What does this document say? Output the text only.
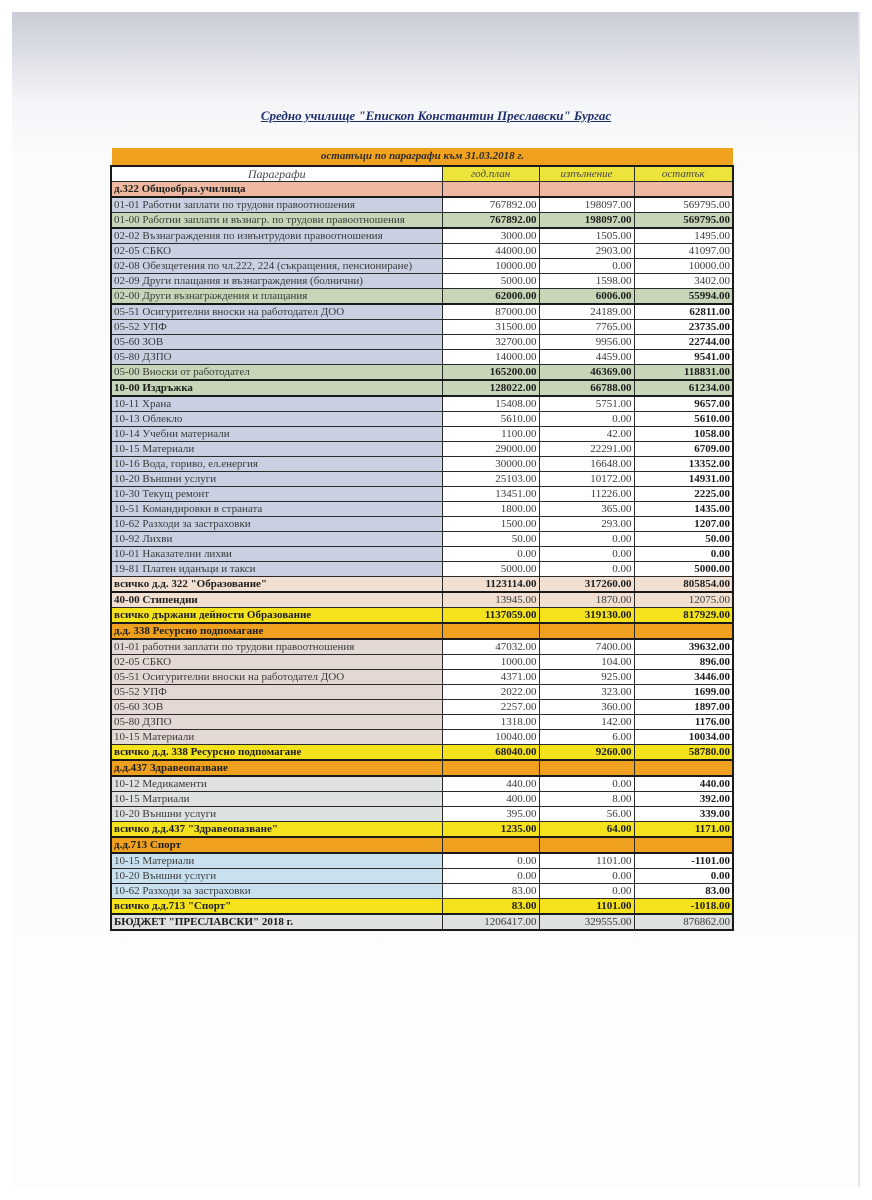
Средно училище "Епископ Константин Преславски" Бургас
остатъци по параграфи към 31.03.2018 г.
Параграфи	год.план	изпълнение	остатък
д.322 Общообраз.училища			
01-01 Работни заплати по трудови правоотношения	767892.00	198097.00	569795.00
01-00 Работни заплати и възнагр. по трудови правоотношения	767892.00	198097.00	569795.00
02-02 Възнаграждения по извънтрудови правоотношения	3000.00	1505.00	1495.00
02-05 СБКО	44000.00	2903.00	41097.00
02-08 Обезщетения по чл.222, 224 (съкращения, пенсиониране)	10000.00	0.00	10000.00
02-09 Други плащания и възнаграждения (болнични)	5000.00	1598.00	3402.00
02-00 Други възнаграждения и плащания	62000.00	6006.00	55994.00
05-51 Осигурителни вноски на работодател ДОО	87000.00	24189.00	62811.00
05-52 УПФ	31500.00	7765.00	23735.00
05-60 ЗОВ	32700.00	9956.00	22744.00
05-80 ДЗПО	14000.00	4459.00	9541.00
05-00 Вноски от работодател	165200.00	46369.00	118831.00
10-00 Издръжка	128022.00	66788.00	61234.00
10-11 Храна	15408.00	5751.00	9657.00
10-13 Облекло	5610.00	0.00	5610.00
10-14 Учебни материали	1100.00	42.00	1058.00
10-15 Материали	29000.00	22291.00	6709.00
10-16 Вода, гориво, ел.енергия	30000.00	16648.00	13352.00
10-20 Външни услуги	25103.00	10172.00	14931.00
10-30 Текущ ремонт	13451.00	11226.00	2225.00
10-51 Командировки в страната	1800.00	365.00	1435.00
10-62 Разходи за застраховки	1500.00	293.00	1207.00
10-92 Лихви	50.00	0.00	50.00
10-01 Наказателни лихви	0.00	0.00	0.00
19-81 Платен иданъци и такси	5000.00	0.00	5000.00
всичко д.д. 322 "Образование"	1123114.00	317260.00	805854.00
40-00 Стипендии	13945.00	1870.00	12075.00
всичко държани дейности Образование	1137059.00	319130.00	817929.00
д.д. 338 Ресурсно подпомагане			
01-01 работни заплати по трудови правоотношения	47032.00	7400.00	39632.00
02-05 СБКО	1000.00	104.00	896.00
05-51 Осигурителни вноски на работодател ДОО	4371.00	925.00	3446.00
05-52 УПФ	2022.00	323.00	1699.00
05-60 ЗОВ	2257.00	360.00	1897.00
05-80 ДЗПО	1318.00	142.00	1176.00
10-15 Материали	10040.00	6.00	10034.00
всичко д.д. 338 Ресурсно подпомагане	68040.00	9260.00	58780.00
д.д.437 Здравеопазване			
10-12 Медикаменти	440.00	0.00	440.00
10-15 Матриали	400.00	8.00	392.00
10-20 Външни услуги	395.00	56.00	339.00
всичко д.д.437 "Здравеопазване"	1235.00	64.00	1171.00
д.д.713 Спорт			
10-15 Материали	0.00	1101.00	-1101.00
10-20 Външни услуги	0.00	0.00	0.00
10-62 Разходи за застраховки	83.00	0.00	83.00
всичко д.д.713 "Спорт"	83.00	1101.00	-1018.00
БЮДЖЕТ "ПРЕСЛАВСКИ" 2018 г.	1206417.00	329555.00	876862.00
